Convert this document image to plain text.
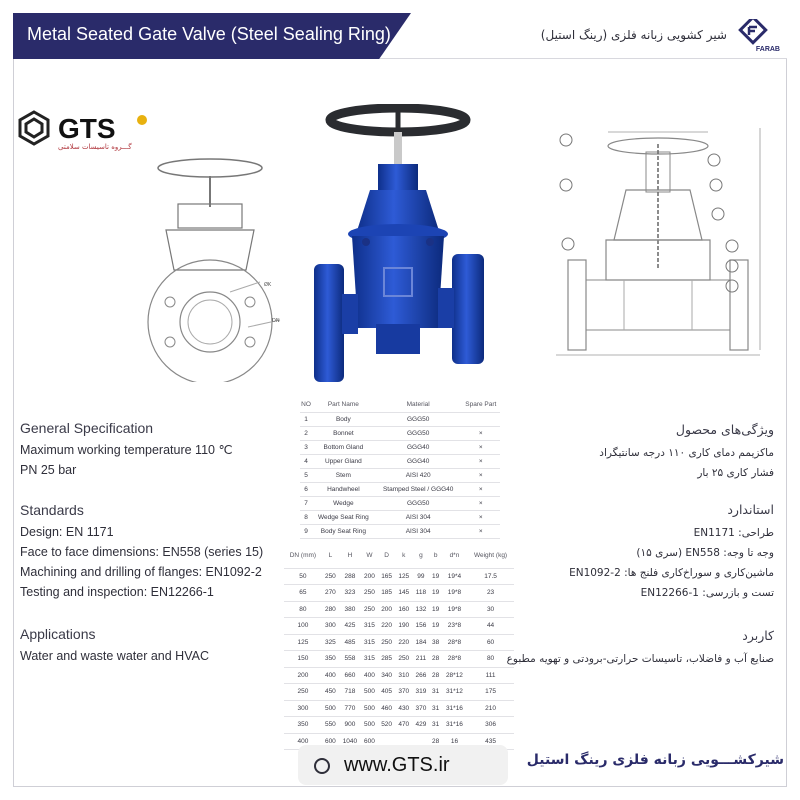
Metal Seated Gate Valve (Steel Sealing Ring)	شیر کشویی زبانه فلزی (رینگ استیل)
FARAB
GTS
گـــروه تاسیسات سلامتی
ØK
DN
General Specification
Maximum working temperature 110 ℃
PN 25 bar
Standards
Design: EN 1171
Face to face dimensions: EN558 (series 15)
Machining and drilling of flanges: EN1092-2
Testing and inspection: EN12266-1
Applications
Water and waste water and HVAC
ویژگی‌های محصول
ماکزیمم دمای کاری ۱۱۰ درجه سانتیگراد
فشار کاری ۲۵ بار
استاندارد
طراحی: EN1171
وجه تا وجه: EN558 (سری ۱۵)
ماشین‌کاری و سوراخ‌کاری فلنج ها: EN1092-2
تست و بازرسی: EN12266-1
کاربرد
صنایع آب و فاضلاب، تاسیسات حرارتی-برودتی و تهویه مطبوع
NO	Part Name	Material	Spare Part
1	Body	GGG50	
2	Bonnet	GGG50	×
3	Bottom Gland	GGG40	×
4	Upper Gland	GGG40	×
5	Stem	AISI 420	×
6	Handwheel	Stamped Steel / GGG40	×
7	Wedge	GGG50	×
8	Wedge Seat Ring	AISI 304	×
9	Body Seat Ring	AISI 304	×
DN (mm)	L	H	W	D	k	g	b	d*n	Weight (kg)
50	250	288	200	165	125	99	19	19*4	17.5
65	270	323	250	185	145	118	19	19*8	23
80	280	380	250	200	160	132	19	19*8	30
100	300	425	315	220	190	156	19	23*8	44
125	325	485	315	250	220	184	38	28*8	60
150	350	558	315	285	250	211	28	28*8	80
200	400	660	400	340	310	266	28	28*12	111
250	450	718	500	405	370	319	31	31*12	175
300	500	770	500	460	430	370	31	31*16	210
350	550	900	500	520	470	429	31	31*16	306
400	600	1040	600				28	16	435
www.GTS.ir	شیرکشـــویی زبانه فلزی رینگ استیل
